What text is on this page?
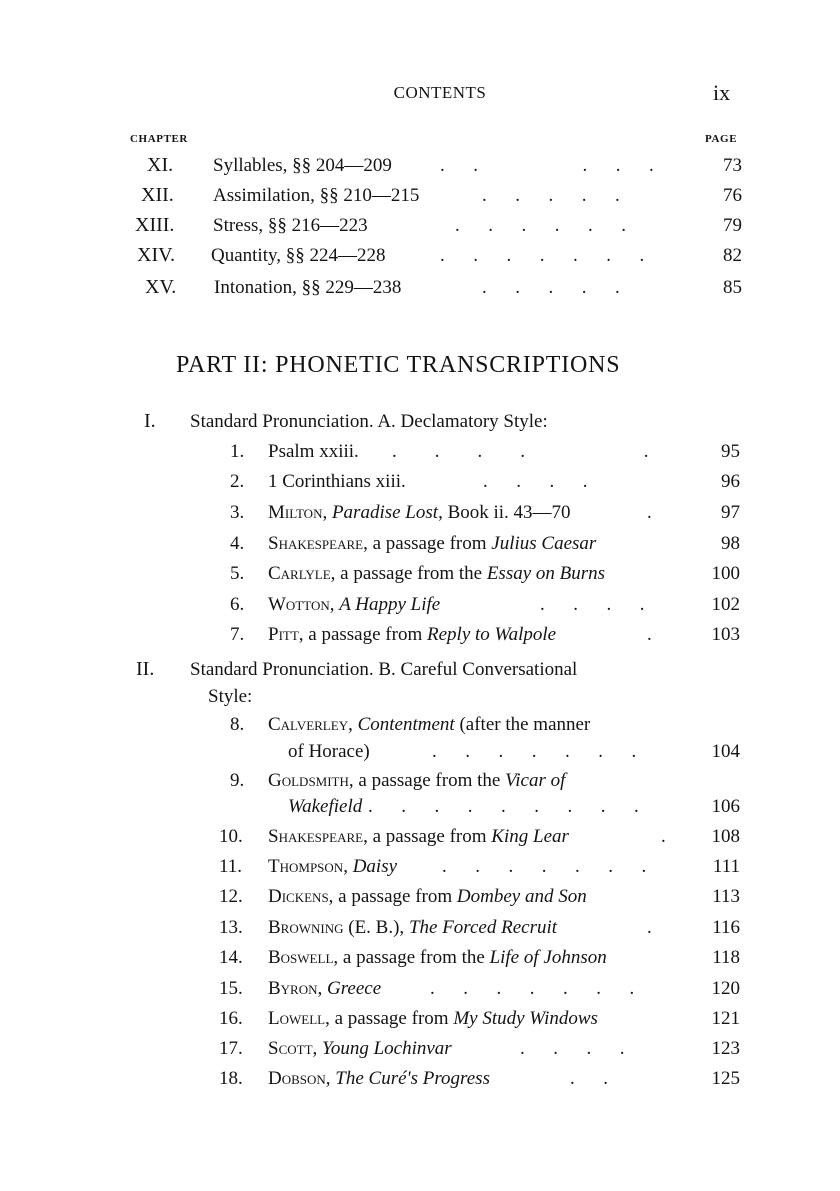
CONTENTS	ix
CHAPTER	PAGE
XI. Syllables, §§ 204—209	.      .                      .      .      .	73
XII. Assimilation, §§ 210—215	.      .      .      .      .	76
XIII. Stress, §§ 216—223	.      .      .      .      .      .	79
XIV. Quantity, §§ 224—228	.      .      .      .      .      .      .	82
XV. Intonation, §§ 229—238	.      .      .      .      .	85
PART II: PHONETIC TRANSCRIPTIONS
I. Standard Pronunciation. A. Declamatory Style:
1. Psalm xxiii. .        .        .        .                         .	95
2. 1 Corinthians xiii.	.      .      .      .	96
3. Milton, Paradise Lost, Book ii. 43—70	.	97
4. Shakespeare, a passage from Julius Caesar	98
5. Carlyle, a passage from the Essay on Burns	100
6. Wotton, A Happy Life	.      .      .      .	102
7. Pitt, a passage from Reply to Walpole	.	103
II. Standard Pronunciation. B. Careful Conversational
Style:
8. Calverley, Contentment (after the manner
of Horace)	.      .      .      .      .      .      .	104
9. Goldsmith, a passage from the Vicar of
Wakefield .      .      .      .      .      .      .      .      .	106
10. Shakespeare, a passage from King Lear	.	108
11. Thompson, Daisy .      .      .      .      .      .      .	111
12. Dickens, a passage from Dombey and Son	113
13. Browning (E. B.), The Forced Recruit	.	116
14. Boswell, a passage from the Life of Johnson	118
15. Byron, Greece	.      .      .      .      .      .      .	120
16. Lowell, a passage from My Study Windows	121
17. Scott, Young Lochinvar	.      .      .      .	123
18. Dobson, The Curé's Progress	.      .	125
